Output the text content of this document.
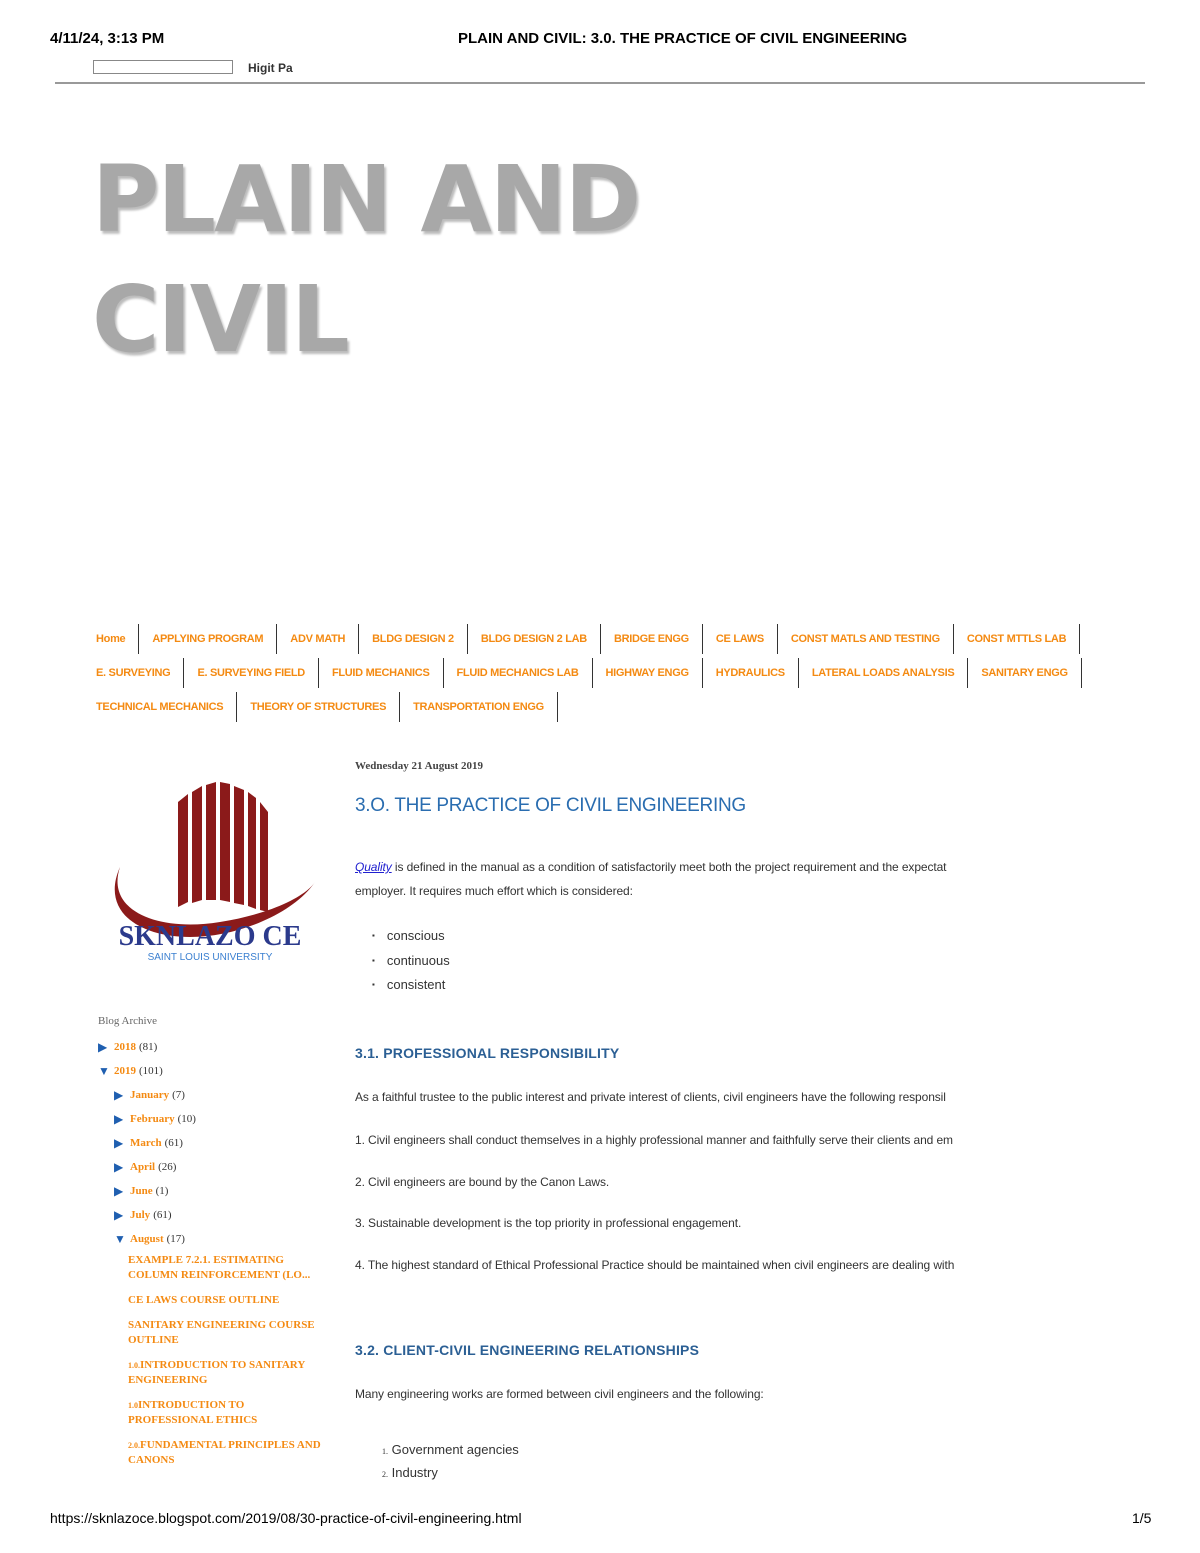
4/11/24, 3:13 PM	PLAIN AND CIVIL: 3.0. THE PRACTICE OF CIVIL ENGINEERING
Higit Pa
PLAIN AND
CIVIL
Home	APPLYING PROGRAM	ADV MATH	BLDG DESIGN 2	BLDG DESIGN 2 LAB	BRIDGE ENGG	CE LAWS	CONST MATLS AND TESTING	CONST MTTLS LAB
E. SURVEYING	E. SURVEYING FIELD	FLUID MECHANICS	FLUID MECHANICS LAB	HIGHWAY ENGG	HYDRAULICS	LATERAL LOADS ANALYSIS	SANITARY ENGG
TECHNICAL MECHANICS	THEORY OF STRUCTURES	TRANSPORTATION ENGG
SKNLAZO CE
SAINT LOUIS UNIVERSITY
Blog Archive
▶ 2018 (81)
▼ 2019 (101)
▶ January (7)
▶ February (10)
▶ March (61)
▶ April (26)
▶ June (1)
▶ July (61)
▼ August (17)
EXAMPLE 7.2.1. ESTIMATING COLUMN REINFORCEMENT (LO...
CE LAWS COURSE OUTLINE
SANITARY ENGINEERING COURSE OUTLINE
1.0.INTRODUCTION TO SANITARY ENGINEERING
1.0INTRODUCTION TO PROFESSIONAL ETHICS
2.0.FUNDAMENTAL PRINCIPLES AND CANONS
Wednesday 21 August 2019
3.O. THE PRACTICE OF CIVIL ENGINEERING
Quality is defined in the manual as a condition of satisfactorily meet both the project requirement and the expectat
employer. It requires much effort which is considered:
▪ conscious
▪ continuous
▪ consistent
3.1. PROFESSIONAL RESPONSIBILITY
As a faithful trustee to the public interest and private interest of clients, civil engineers have the following responsil
1. Civil engineers shall conduct themselves in a highly professional manner and faithfully serve their clients and em
2. Civil engineers are bound by the Canon Laws.
3. Sustainable development is the top priority in professional engagement.
4. The highest standard of Ethical Professional Practice should be maintained when civil engineers are dealing with
3.2. CLIENT-CIVIL ENGINEERING RELATIONSHIPS
Many engineering works are formed between civil engineers and the following:
1. Government agencies
2. Industry
https://sknlazoce.blogspot.com/2019/08/30-practice-of-civil-engineering.html	1/5
